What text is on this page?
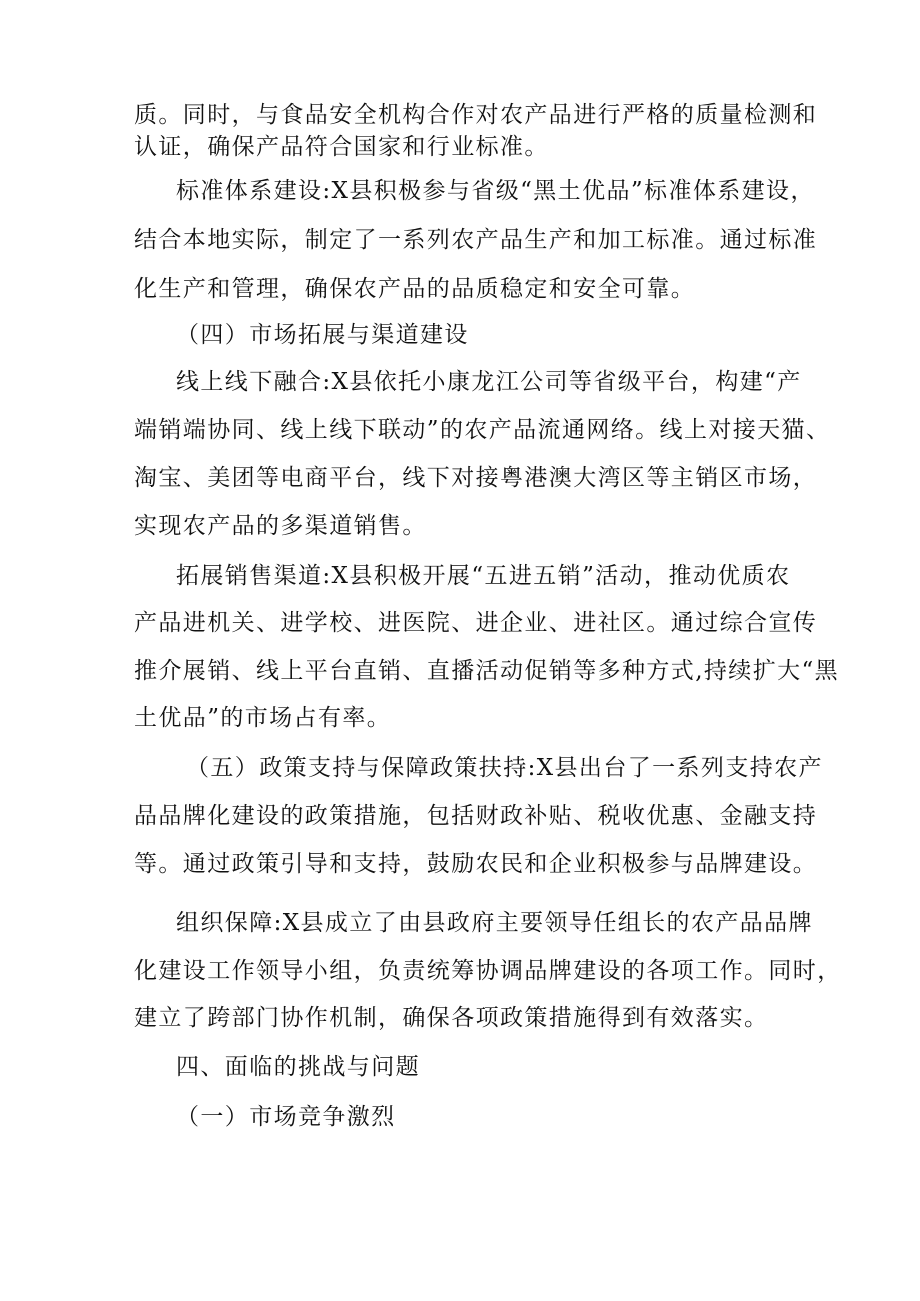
质。同时，与食品安全机构合作对农产品进行严格的质量检测和
认证，确保产品符合国家和行业标准。
标准体系建设:X县积极参与省级“黑土优品”标准体系建设，
结合本地实际，制定了一系列农产品生产和加工标准。通过标准
化生产和管理，确保农产品的品质稳定和安全可靠。
（四）市场拓展与渠道建设
线上线下融合:X县依托小康龙江公司等省级平台，构建“产
端销端协同、线上线下联动”的农产品流通网络。线上对接天猫、
淘宝、美团等电商平台，线下对接粤港澳大湾区等主销区市场，
实现农产品的多渠道销售。
拓展销售渠道:X县积极开展“五进五销”活动，推动优质农
产品进机关、进学校、进医院、进企业、进社区。通过综合宣传
推介展销、线上平台直销、直播活动促销等多种方式,持续扩大“黑
土优品”的市场占有率。
（五）政策支持与保障政策扶持:X县出台了一系列支持农产
品品牌化建设的政策措施，包括财政补贴、税收优惠、金融支持
等。通过政策引导和支持，鼓励农民和企业积极参与品牌建设。
组织保障:X县成立了由县政府主要领导任组长的农产品品牌
化建设工作领导小组，负责统筹协调品牌建设的各项工作。同时，
建立了跨部门协作机制，确保各项政策措施得到有效落实。
四、面临的挑战与问题
（一）市场竞争激烈
